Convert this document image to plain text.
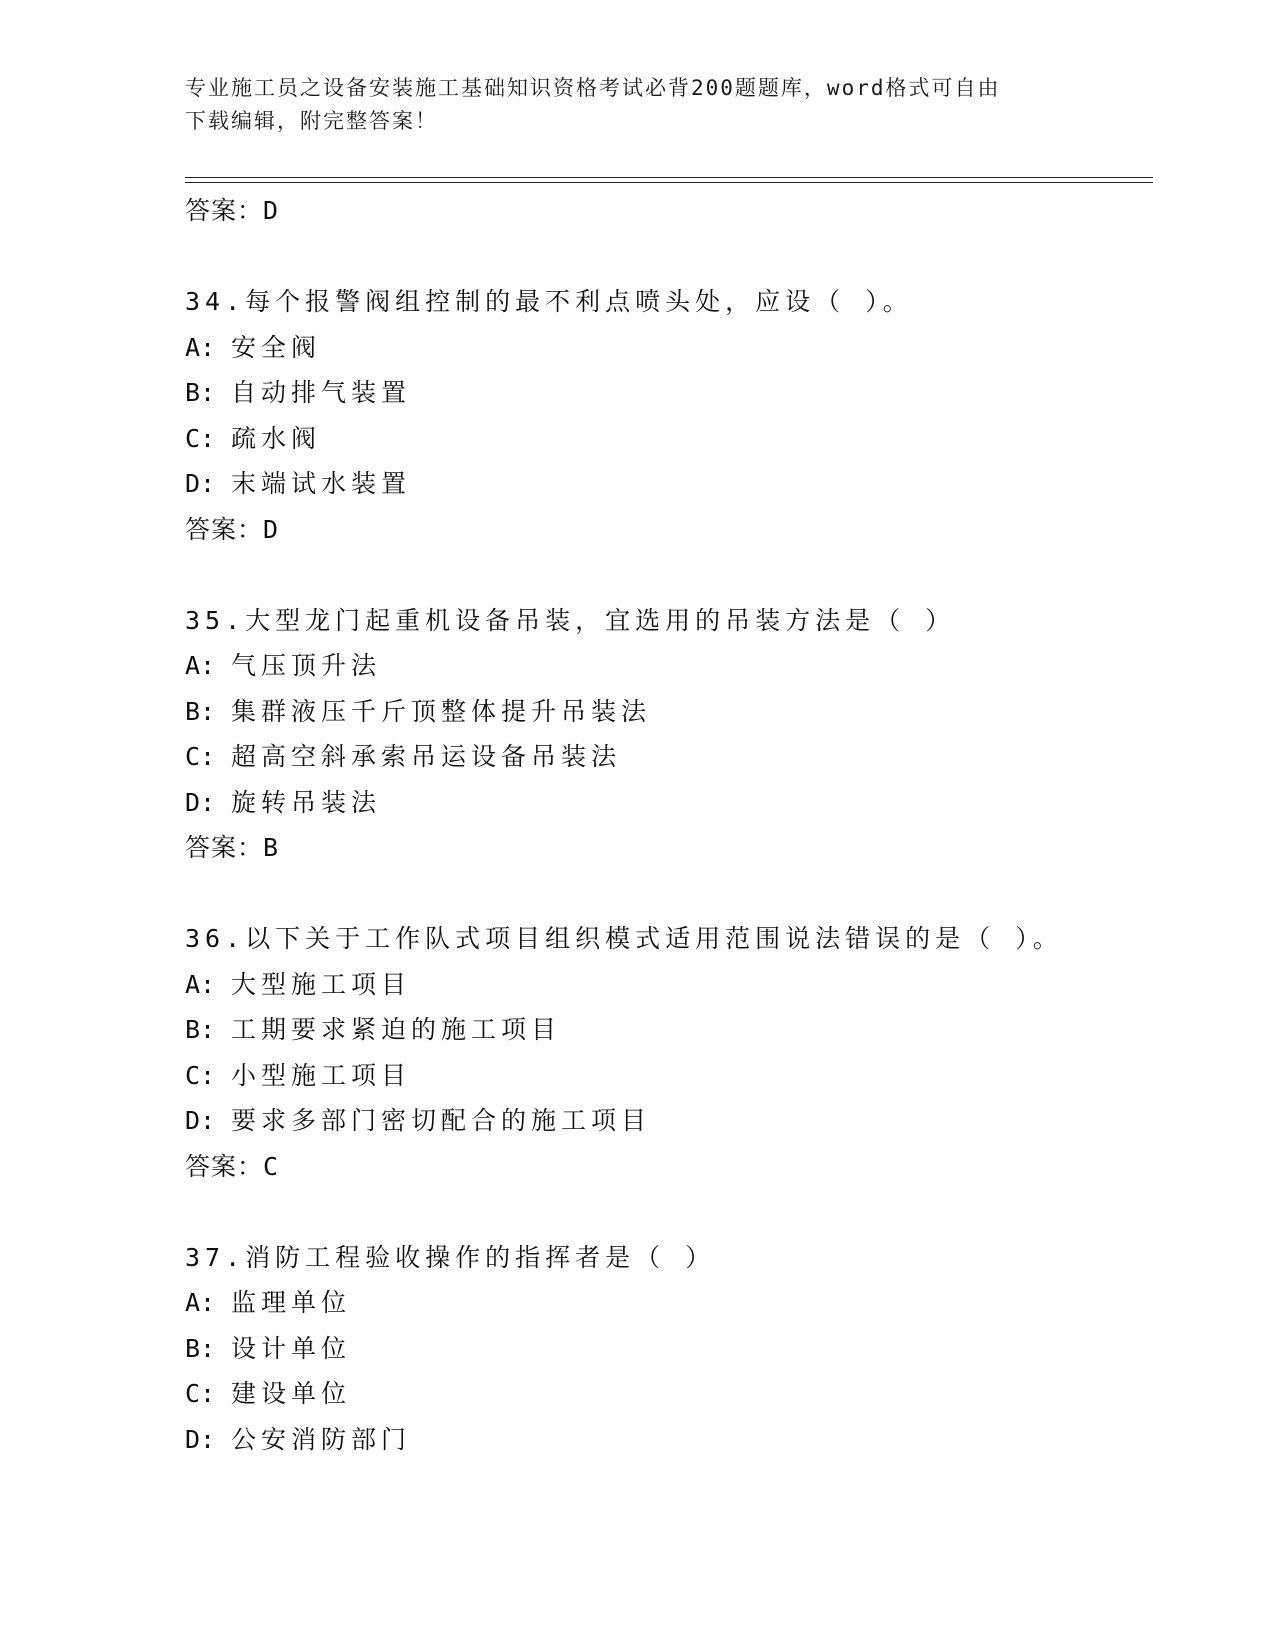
专业施工员之设备安装施工基础知识资格考试必背200题题库，word格式可自由
下载编辑，附完整答案！
答案：D
34.每个报警阀组控制的最不利点喷头处，应设（ ）。
A: 安全阀
B: 自动排气装置
C: 疏水阀
D: 末端试水装置
答案：D
35.大型龙门起重机设备吊装，宜选用的吊装方法是（ ）
A: 气压顶升法
B: 集群液压千斤顶整体提升吊装法
C: 超高空斜承索吊运设备吊装法
D: 旋转吊装法
答案：B
36.以下关于工作队式项目组织模式适用范围说法错误的是（ ）。
A: 大型施工项目
B: 工期要求紧迫的施工项目
C: 小型施工项目
D: 要求多部门密切配合的施工项目
答案：C
37.消防工程验收操作的指挥者是（ ）
A: 监理单位
B: 设计单位
C: 建设单位
D: 公安消防部门
